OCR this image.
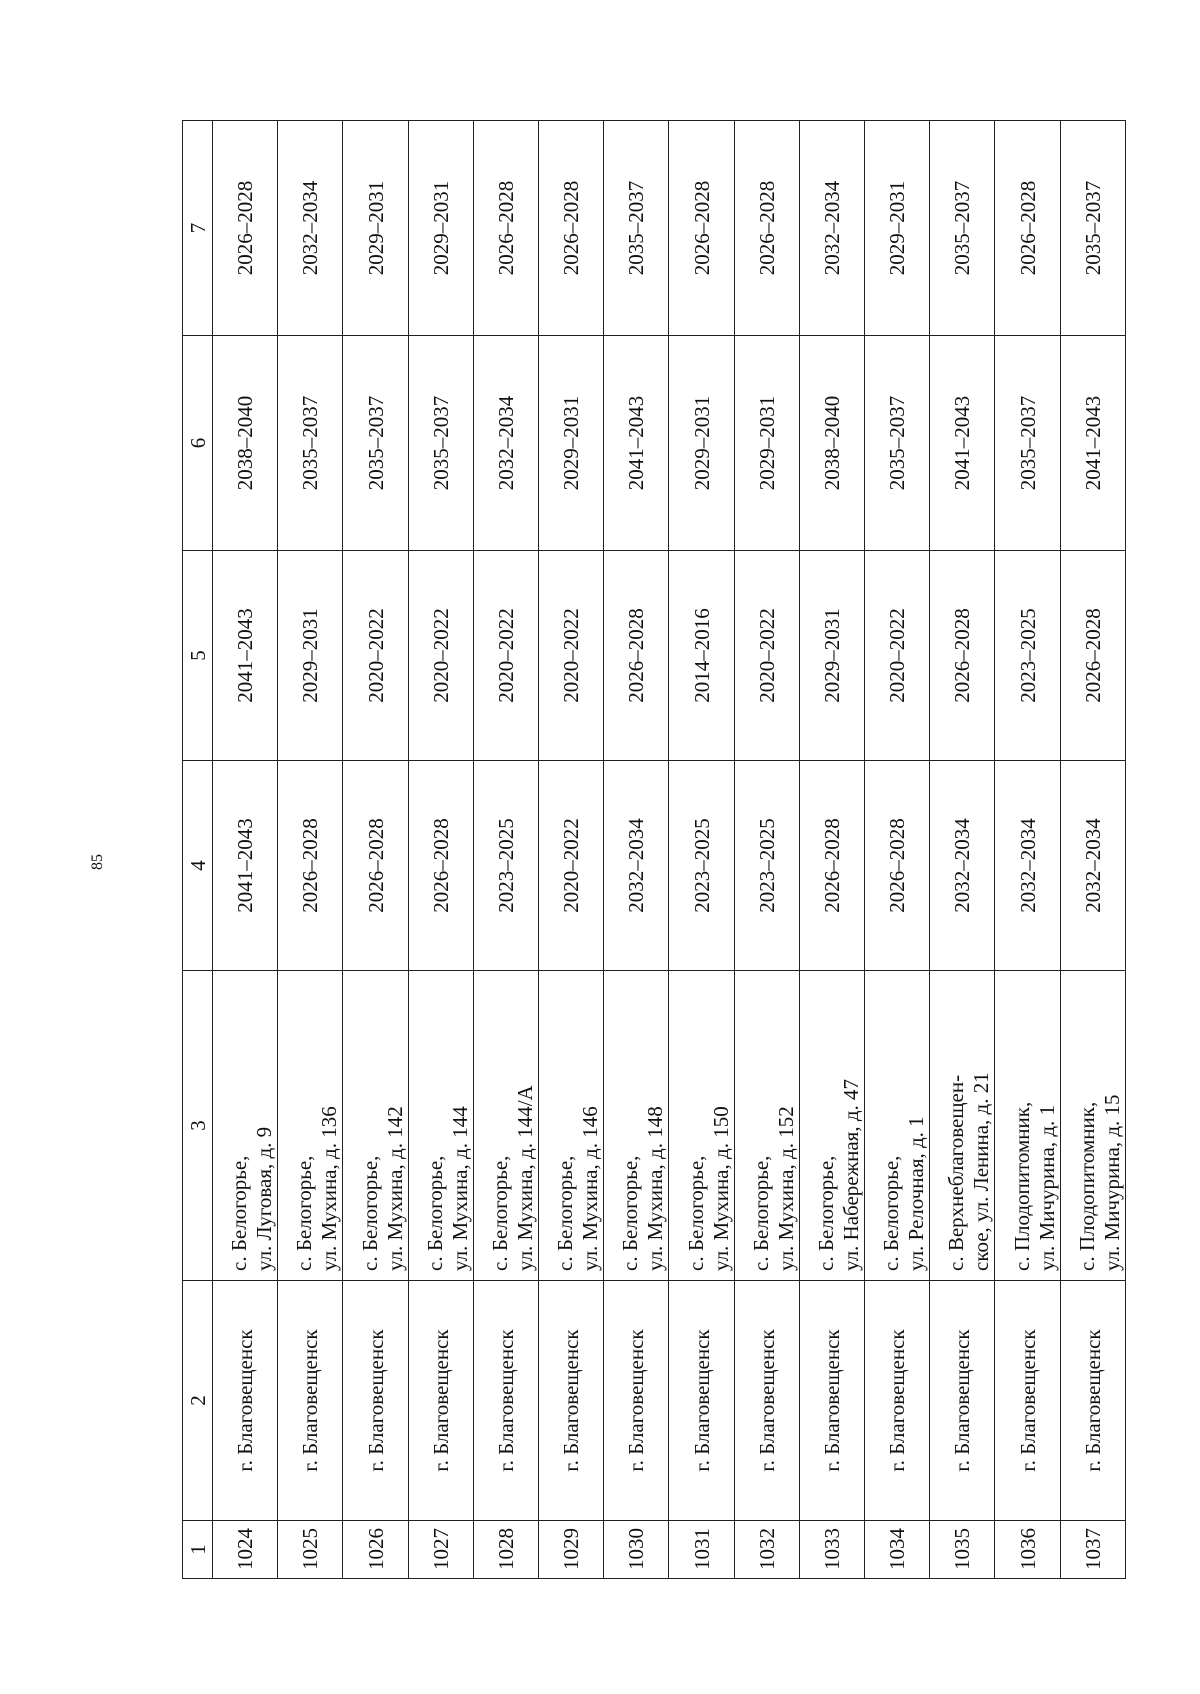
85
1	2	3	4	5	6	7
1024	г. Благовещенск	с. Белогорье, ул. Луговая, д. 9	2041–2043	2041–2043	2038–2040	2026–2028
1025	г. Благовещенск	с. Белогорье, ул. Мухина, д. 136	2026–2028	2029–2031	2035–2037	2032–2034
1026	г. Благовещенск	с. Белогорье, ул. Мухина, д. 142	2026–2028	2020–2022	2035–2037	2029–2031
1027	г. Благовещенск	с. Белогорье, ул. Мухина, д. 144	2026–2028	2020–2022	2035–2037	2029–2031
1028	г. Благовещенск	с. Белогорье, ул. Мухина, д. 144/А	2023–2025	2020–2022	2032–2034	2026–2028
1029	г. Благовещенск	с. Белогорье, ул. Мухина, д. 146	2020–2022	2020–2022	2029–2031	2026–2028
1030	г. Благовещенск	с. Белогорье, ул. Мухина, д. 148	2032–2034	2026–2028	2041–2043	2035–2037
1031	г. Благовещенск	с. Белогорье, ул. Мухина, д. 150	2023–2025	2014–2016	2029–2031	2026–2028
1032	г. Благовещенск	с. Белогорье, ул. Мухина, д. 152	2023–2025	2020–2022	2029–2031	2026–2028
1033	г. Благовещенск	с. Белогорье, ул. Набережная, д. 47	2026–2028	2029–2031	2038–2040	2032–2034
1034	г. Благовещенск	с. Белогорье, ул. Релочная, д. 1	2026–2028	2020–2022	2035–2037	2029–2031
1035	г. Благовещенск	с. Верхнеблаговещен- ское, ул. Ленина, д. 21	2032–2034	2026–2028	2041–2043	2035–2037
1036	г. Благовещенск	с. Плодопитомник, ул. Мичурина, д. 1	2032–2034	2023–2025	2035–2037	2026–2028
1037	г. Благовещенск	с. Плодопитомник, ул. Мичурина, д. 15	2032–2034	2026–2028	2041–2043	2035–2037
